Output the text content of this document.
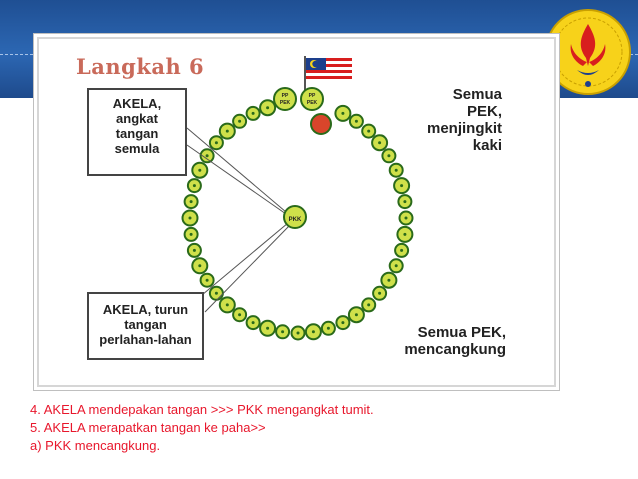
Langkah 6
PKK
PP
PEK
PP
PEK
AKELA,
angkat
tangan
semula
AKELA, turun
tangan
perlahan-lahan
Semua
PEK,
menjingkit
kaki
Semua PEK,
mencangkung
4. AKELA mendepakan tangan >>> PKK mengangkat tumit.
5. AKELA merapatkan tangan ke paha>>
a) PKK mencangkung.
